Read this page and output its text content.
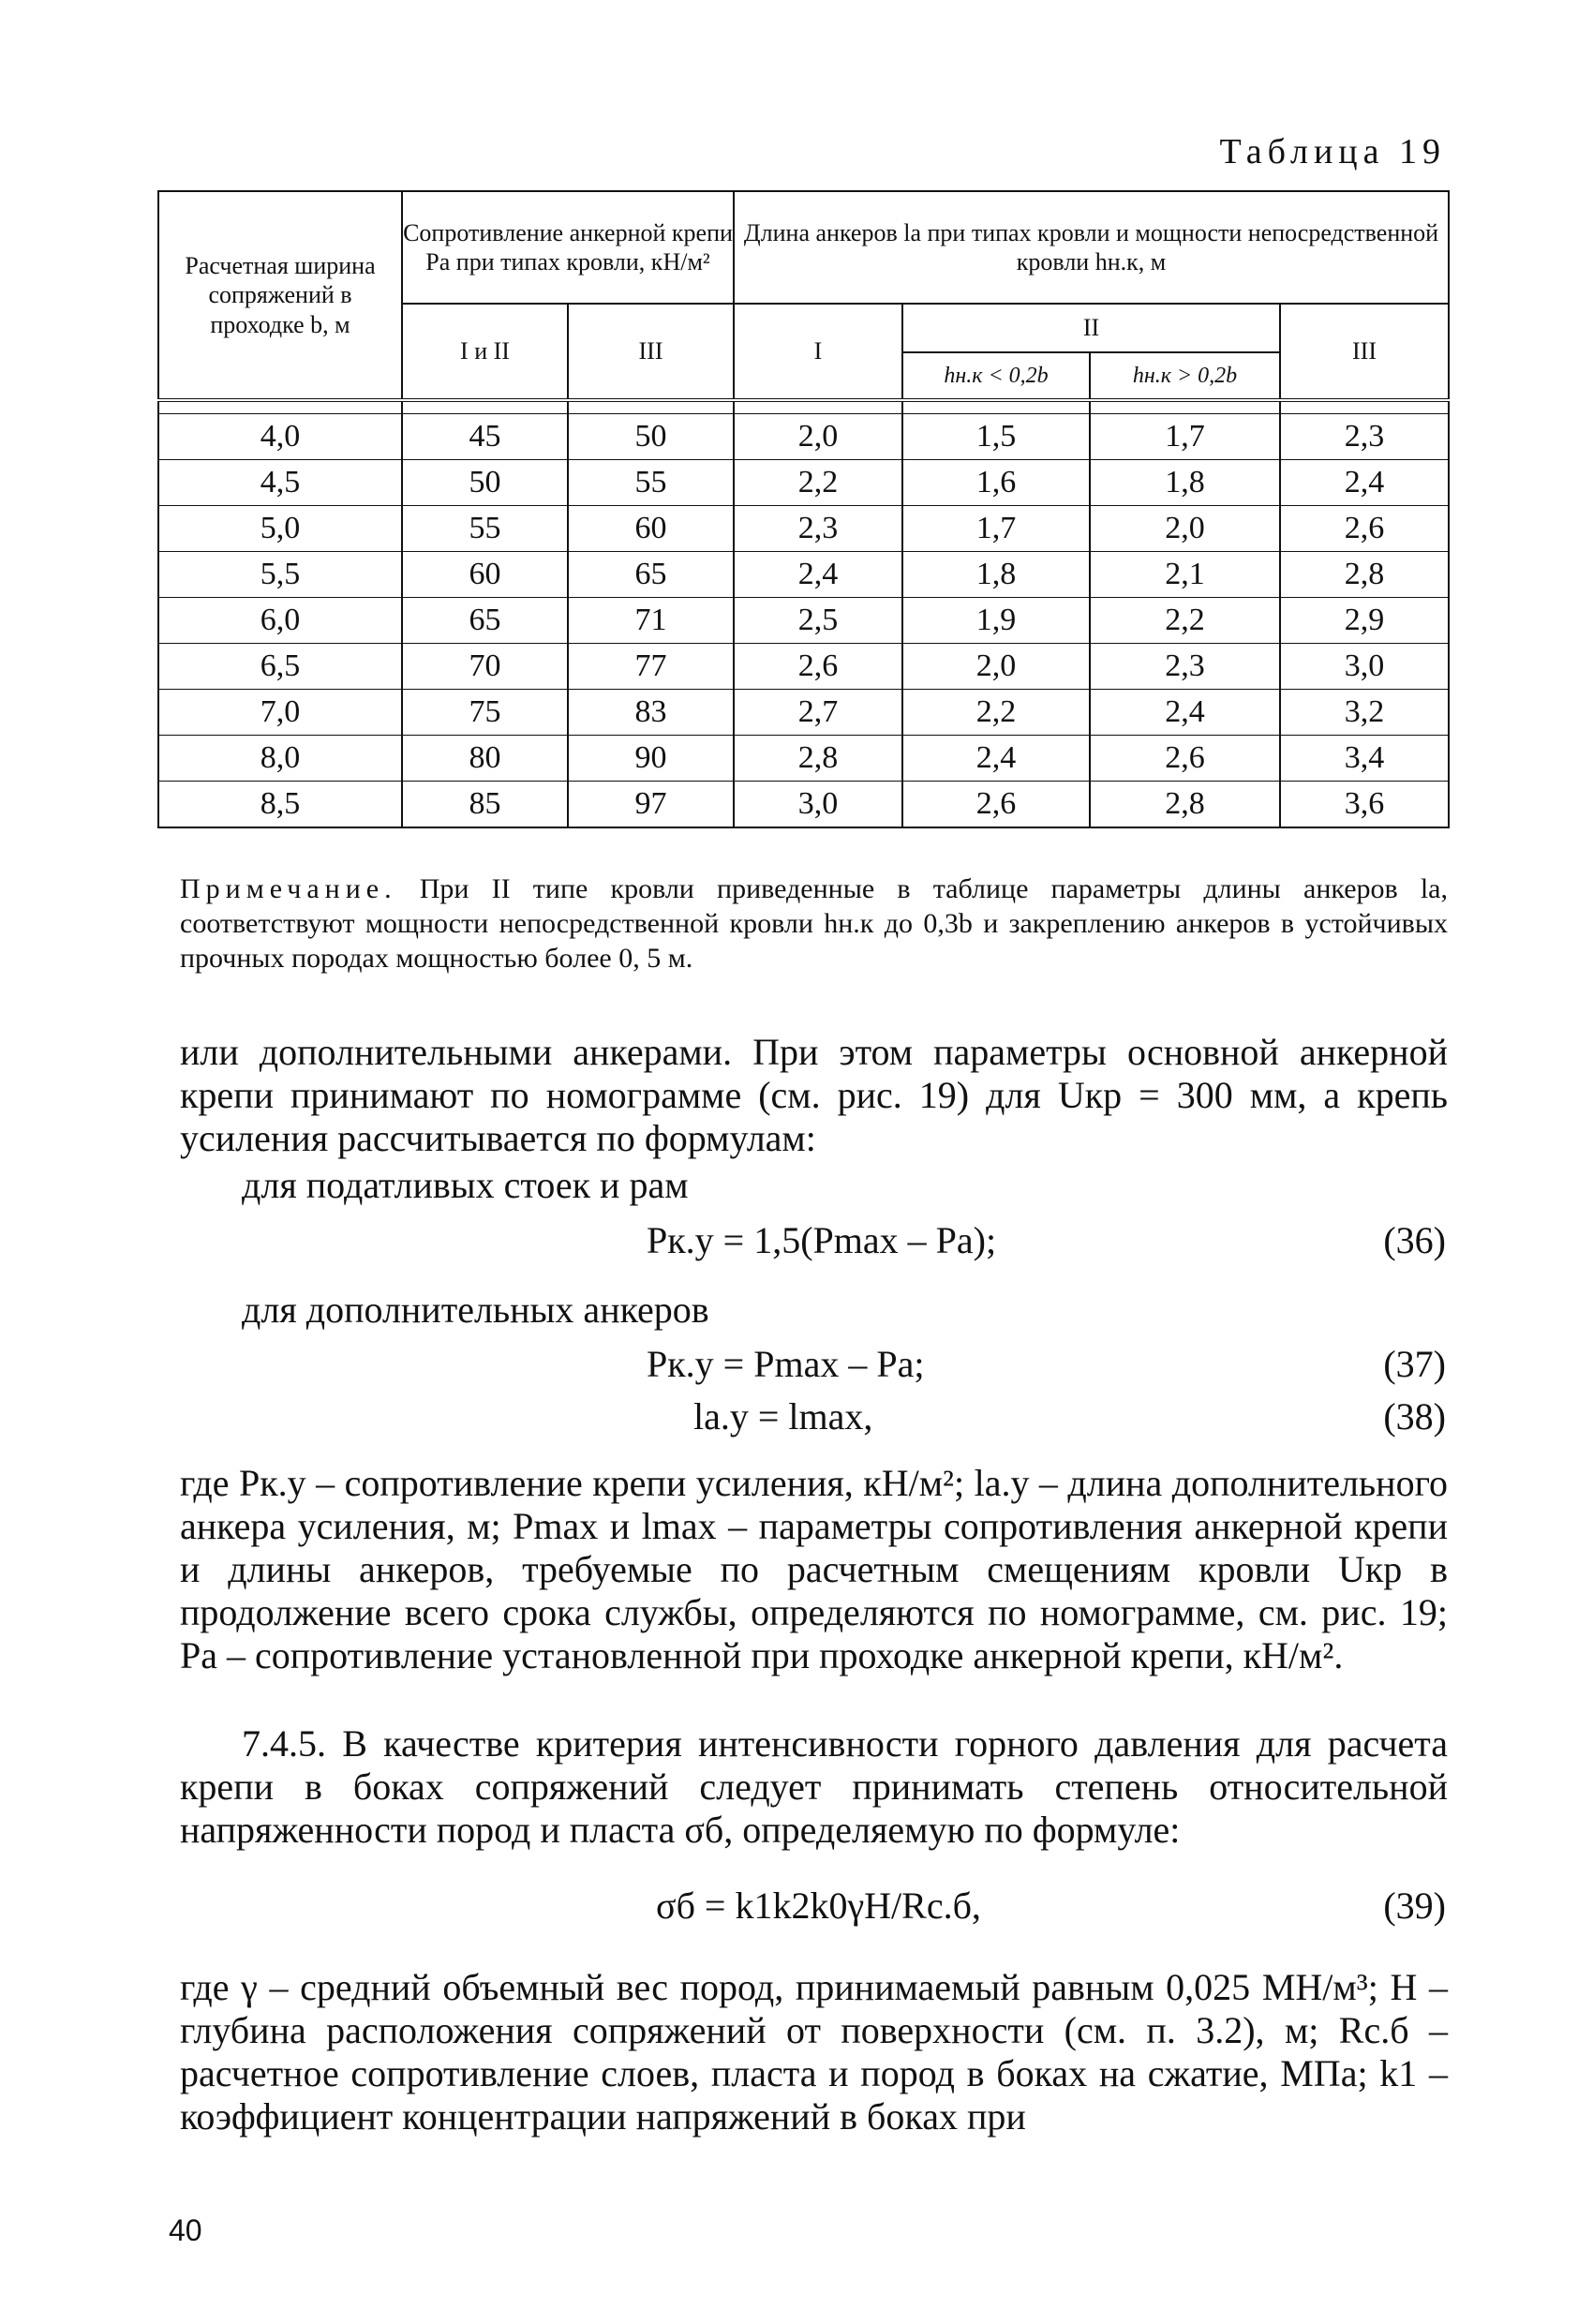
Таблица 19
Расчетная ширина сопряжений в проходке b, м	Сопротивление анкерной крепи Pa при типах кровли, кН/м²		Длина анкеров la при типах кровли и мощности непосредственной кровли hн.к, м			
	I и II	III	I	II		III
				hн.к < 0,2b	hн.к > 0,2b	

4,0	45	50	2,0	1,5	1,7	2,3
4,5	50	55	2,2	1,6	1,8	2,4
5,0	55	60	2,3	1,7	2,0	2,6
5,5	60	65	2,4	1,8	2,1	2,8
6,0	65	71	2,5	1,9	2,2	2,9
6,5	70	77	2,6	2,0	2,3	3,0
7,0	75	83	2,7	2,2	2,4	3,2
8,0	80	90	2,8	2,4	2,6	3,4
8,5	85	97	3,0	2,6	2,8	3,6
Примечание. При II типе кровли приведенные в таблице параметры длины анкеров la, соответствуют мощности непосредственной кровли hн.к до 0,3b и закреплению анкеров в устойчивых прочных породах мощностью более 0, 5 м.
или дополнительными анкерами. При этом параметры основной анкерной крепи принимают по номограмме (см. рис. 19) для Uкр = 300 мм, а крепь усиления рассчитывается по формулам:
для податливых стоек и рам
Pк.у = 1,5(Pmax – Pa);	(36)
для дополнительных анкеров
Pк.у = Pmax – Pa;	(37)
la.у = lmax,	(38)
где Pк.у – сопротивление крепи усиления, кН/м²; la.у – длина дополнительного анкера усиления, м; Pmax и lmax – параметры сопротивления анкерной крепи и длины анкеров, требуемые по расчетным смещениям кровли Uкр в продолжение всего срока службы, определяются по номограмме, см. рис. 19; Pa – сопротивление установленной при проходке анкерной крепи, кН/м².
7.4.5. В качестве критерия интенсивности горного давления для расчета крепи в боках сопряжений следует принимать степень относительной напряженности пород и пласта σб, определяемую по формуле:
σб = k1k2k0γH/Rс.б,	(39)
где γ – средний объемный вес пород, принимаемый равным 0,025 МН/м³; H – глубина расположения сопряжений от поверхности (см. п. 3.2), м; Rс.б – расчетное сопротивление слоев, пласта и пород в боках на сжатие, МПа; k1 – коэффициент концентрации напряжений в боках при
40
